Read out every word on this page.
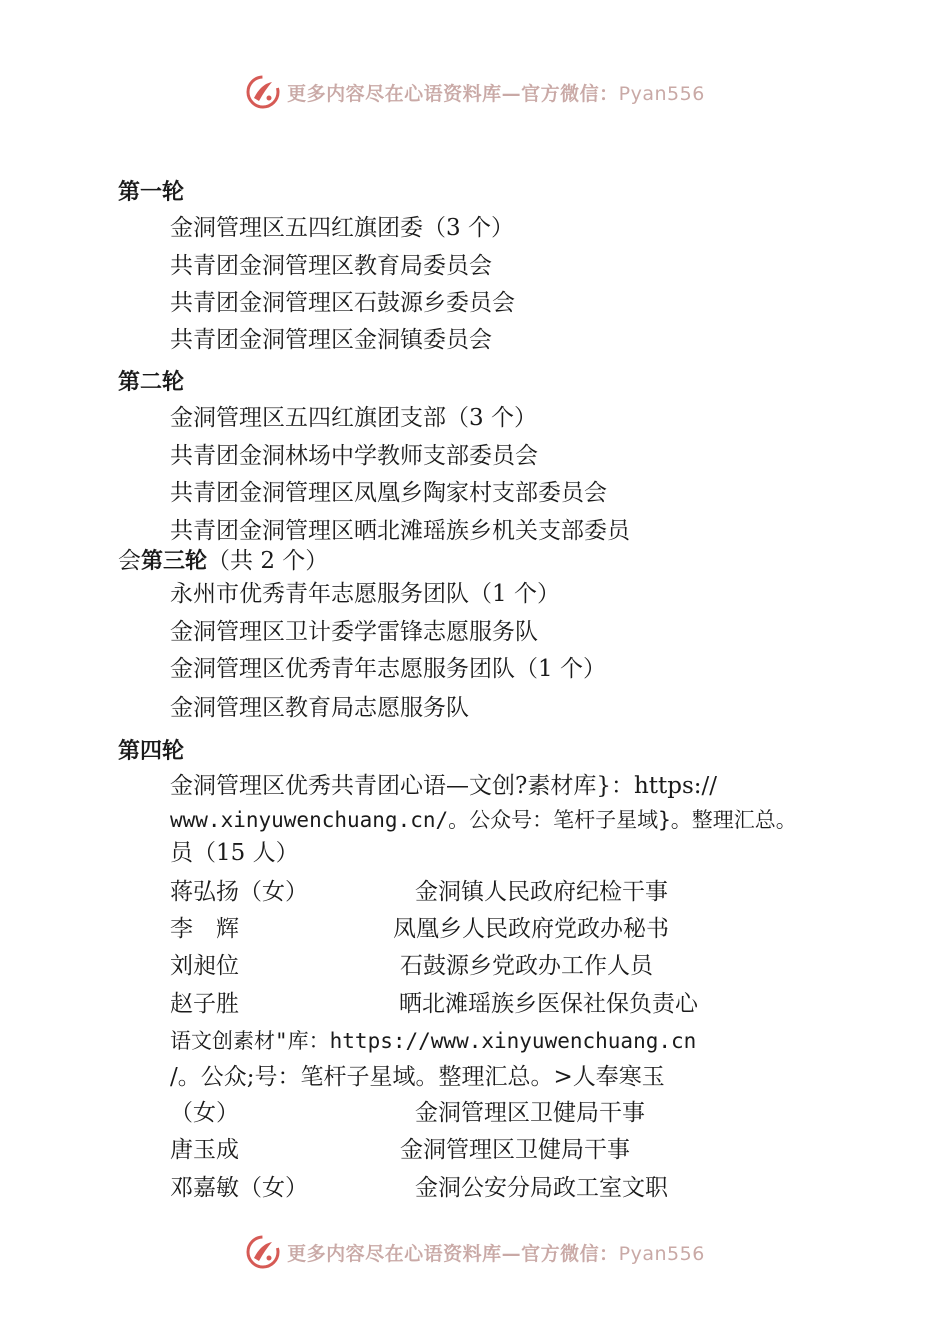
更多内容尽在心语资料库—官方微信：Pyan556
第一轮
金洞管理区五四红旗团委（3 个）
共青团金洞管理区教育局委员会
共青团金洞管理区石鼓源乡委员会
共青团金洞管理区金洞镇委员会
第二轮
金洞管理区五四红旗团支部（3 个）
共青团金洞林场中学教师支部委员会
共青团金洞管理区凤凰乡陶家村支部委员会
共青团金洞管理区晒北滩瑶族乡机关支部委员
会第三轮（共 2 个）
永州市优秀青年志愿服务团队（1 个）
金洞管理区卫计委学雷锋志愿服务队
金洞管理区优秀青年志愿服务团队（1 个）
金洞管理区教育局志愿服务队
第四轮
金洞管理区优秀共青团心语—文创?素材库}：https://
www.xinyuwenchuang.cn/。公众号：笔杆子星域}。整理汇总。
员（15 人）
蒋弘扬（女）	金洞镇人民政府纪检干事
李　辉	凤凰乡人民政府党政办秘书
刘昶位	石鼓源乡党政办工作人员
赵子胜	晒北滩瑶族乡医保社保负责心
语文创素材"库：https://www.xinyuwenchuang.cn
/。公众;号：笔杆子星域。整理汇总。>人奉寒玉
（女）	金洞管理区卫健局干事
唐玉成	金洞管理区卫健局干事
邓嘉敏（女）	金洞公安分局政工室文职
更多内容尽在心语资料库—官方微信：Pyan556
